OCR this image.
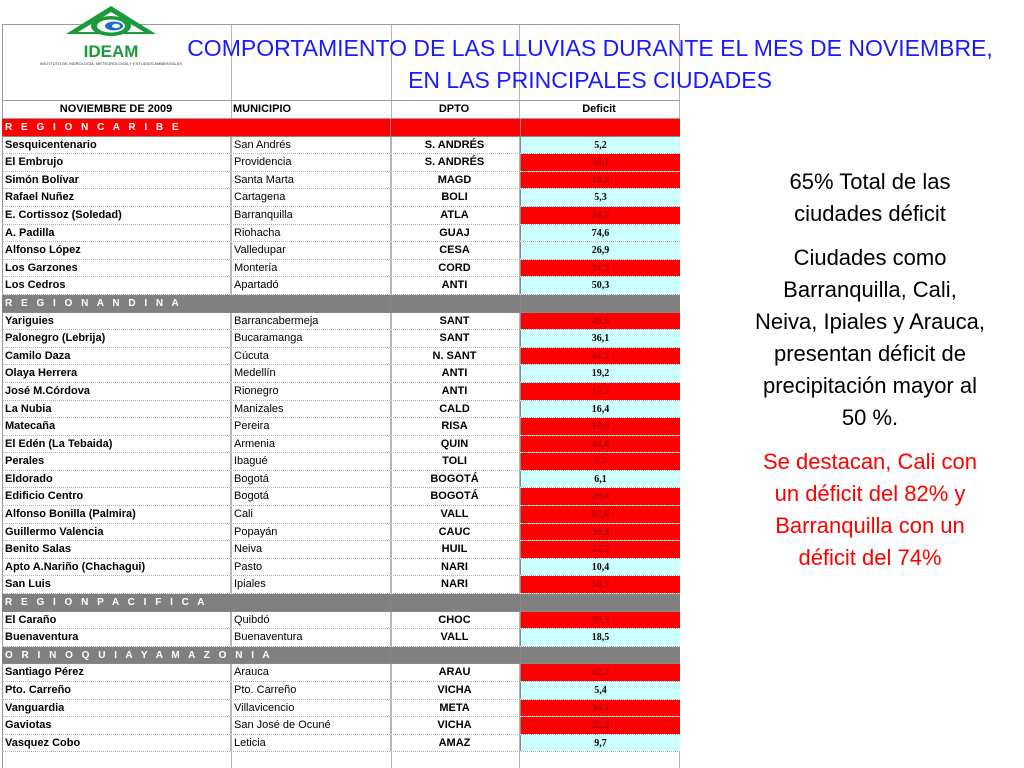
IDEAM
INSTITUTO DE HIDROLOGÍA, METEOROLOGÍA Y ESTUDIOS AMBIENTALES
COMPORTAMIENTO DE LAS LLUVIAS DURANTE EL MES DE NOVIEMBRE, EN LAS PRINCIPALES CIUDADES
NOVIEMBRE DE 2009	MUNICIPIO	DPTO	Deficit
R E G I O N C A R I B E
Sesquicentenario	San Andrés	S. ANDRÉS	5,2
El Embrujo	Providencia	S. ANDRÉS	36,1
Simón Bolívar	Santa Marta	MAGD	13,8
Rafael Nuñez	Cartagena	BOLI	5,3
E. Cortissoz (Soledad)	Barranquilla	ATLA	74,2
A. Padilla	Riohacha	GUAJ	74,6
Alfonso López	Valledupar	CESA	26,9
Los Garzones	Montería	CORD	31,3
Los Cedros	Apartadó	ANTI	50,3
R E G I O N A N D I N A
Yariguies	Barrancabermeja	SANT	46,5
Palonegro (Lebrija)	Bucaramanga	SANT	36,1
Camilo Daza	Cúcuta	N. SANT	41,3
Olaya Herrera	Medellín	ANTI	19,2
José M.Córdova	Rionegro	ANTI	17,2
La Nubia	Manizales	CALD	16,4
Matecaña	Pereira	RISA	13,6
El Edén (La Tebaida)	Armenia	QUIN	44,4
Perales	Ibagué	TOLI	5,7
Eldorado	Bogotá	BOGOTÁ	6,1
Edificio Centro	Bogotá	BOGOTÁ	29,4
Alfonso Bonilla (Palmira)	Cali	VALL	82,8
Guillermo Valencia	Popayán	CAUC	30,8
Benito Salas	Neiva	HUIL	54,7
Apto A.Nariño (Chachagui)	Pasto	NARI	10,4
San Luis	Ipiales	NARI	50,7
R E G I O N P A C I F I C A
El Caraño	Quibdó	CHOC	33,3
Buenaventura	Buenaventura	VALL	18,5
O R I N O Q U I A Y A M A Z O N I A
Santiago Pérez	Arauca	ARAU	62,2
Pto. Carreño	Pto. Carreño	VICHA	5,4
Vanguardia	Villavicencio	META	34,1
Gaviotas	San José de Ocuné	VICHA	35,8
Vasquez Cobo	Leticia	AMAZ	9,7

65% Total de las ciudades déficit

Ciudades como Barranquilla, Cali, Neiva, Ipiales y Arauca, presentan déficit de precipitación mayor al 50 %.

Se destacan, Cali con un déficit del 82% y Barranquilla con un déficit del 74%
